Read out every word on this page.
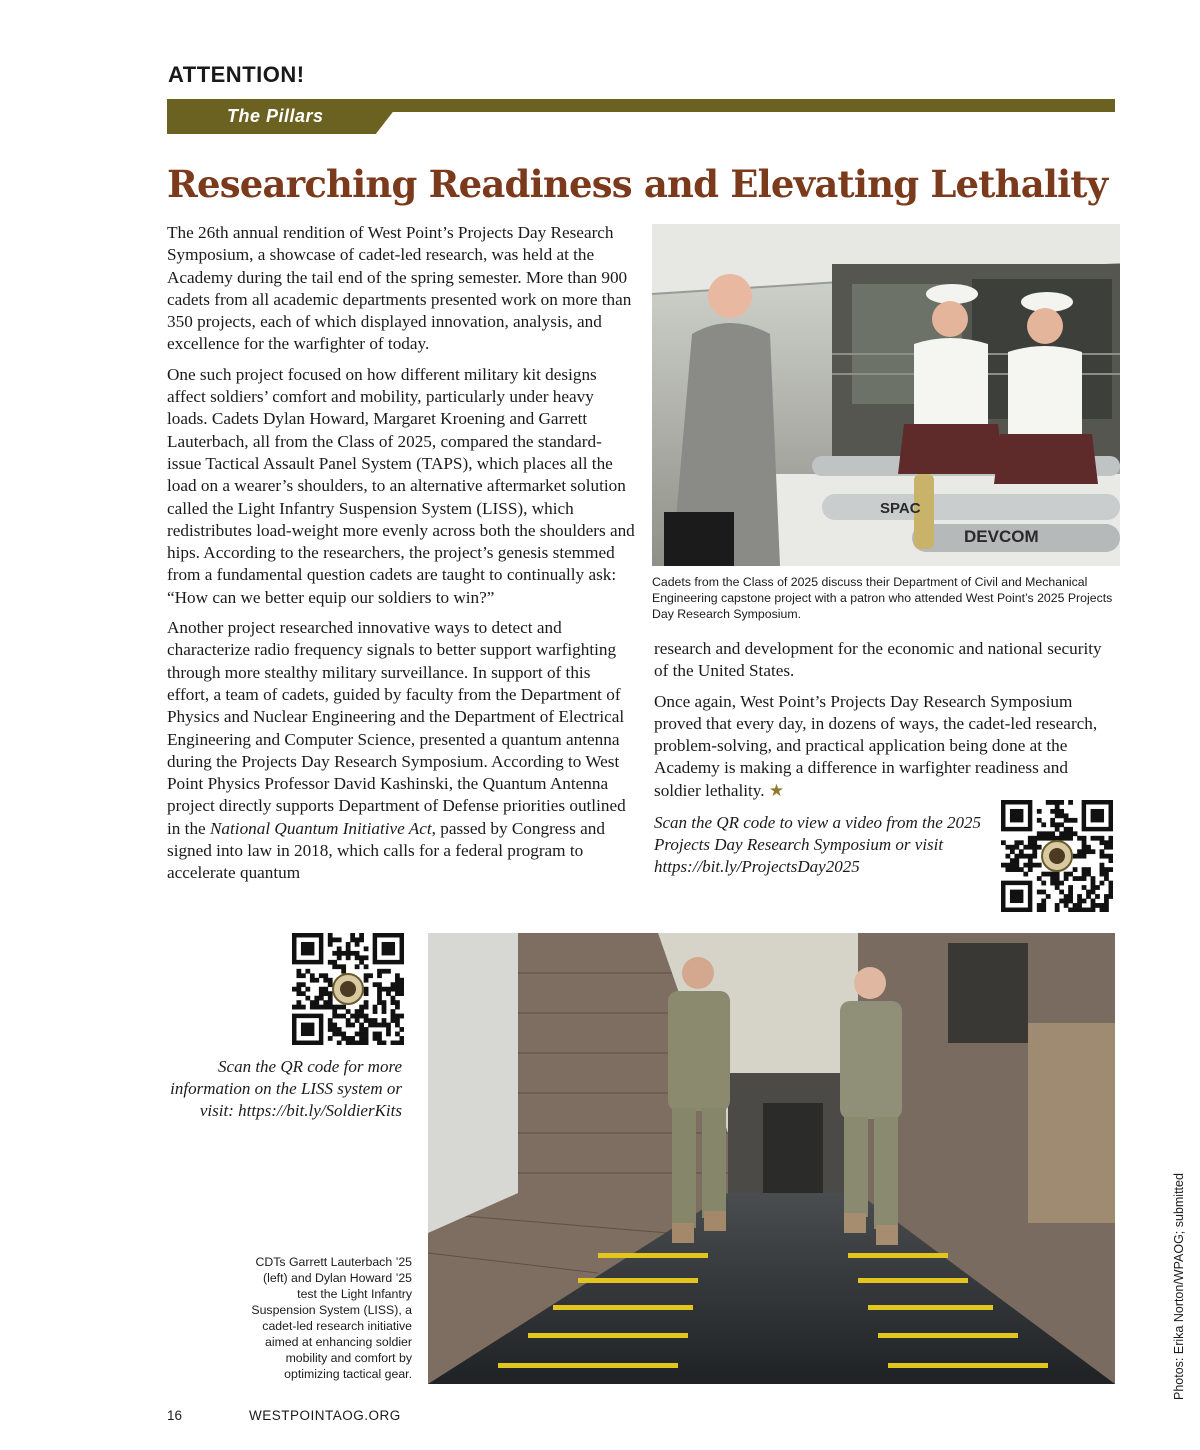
ATTENTION!
The Pillars
Researching Readiness and Elevating Lethality

The 26th annual rendition of West Point’s Projects Day Research Symposium, a showcase of cadet-led research, was held at the Academy during the tail end of the spring semester. More than 900 cadets from all academic departments presented work on more than 350 projects, each of which displayed innovation, analysis, and excellence for the warfighter of today.

One such project focused on how different military kit designs affect soldiers’ comfort and mobility, particularly under heavy loads. Cadets Dylan Howard, Margaret Kroening and Garrett Lauterbach, all from the Class of 2025, compared the standard-issue Tactical Assault Panel System (TAPS), which places all the load on a wearer’s shoulders, to an alternative aftermarket solution called the Light Infantry Suspension System (LISS), which redistributes load-weight more evenly across both the shoulders and hips. According to the researchers, the project’s genesis stemmed from a fundamental question cadets are taught to continually ask: “How can we better equip our soldiers to win?”

Another project researched innovative ways to detect and characterize radio frequency signals to better support warfighting through more stealthy military surveillance. In support of this effort, a team of cadets, guided by faculty from the Department of Physics and Nuclear Engineering and the Department of Electrical Engineering and Computer Science, presented a quantum antenna during the Projects Day Research Symposium. According to West Point Physics Professor David Kashinski, the Quantum Antenna project directly supports Department of Defense priorities outlined in the National Quantum Initiative Act, passed by Congress and signed into law in 2018, which calls for a federal program to accelerate quantum

SPAC
DEVCOM
Cadets from the Class of 2025 discuss their Department of Civil and Mechanical Engineering capstone project with a patron who attended West Point’s 2025 Projects Day Research Symposium.

research and development for the economic and national security of the United States.

Once again, West Point’s Projects Day Research Symposium proved that every day, in dozens of ways, the cadet-led research, problem-solving, and practical application being done at the Academy is making a difference in warfighter readiness and soldier lethality. ★

Scan the QR code to view a video from the 2025 Projects Day Research Symposium or visit https://bit.ly/ProjectsDay2025
Scan the QR code for more information on the LISS system or visit: https://bit.ly/SoldierKits
CDTs Garrett Lauterbach ’25 (left) and Dylan Howard ’25 test the Light Infantry Suspension System (LISS), a cadet-led research initiative aimed at enhancing soldier mobility and comfort by optimizing tactical gear.
16	WESTPOINTAOG.ORG
Photos: Erika Norton/WPAOG; submitted
